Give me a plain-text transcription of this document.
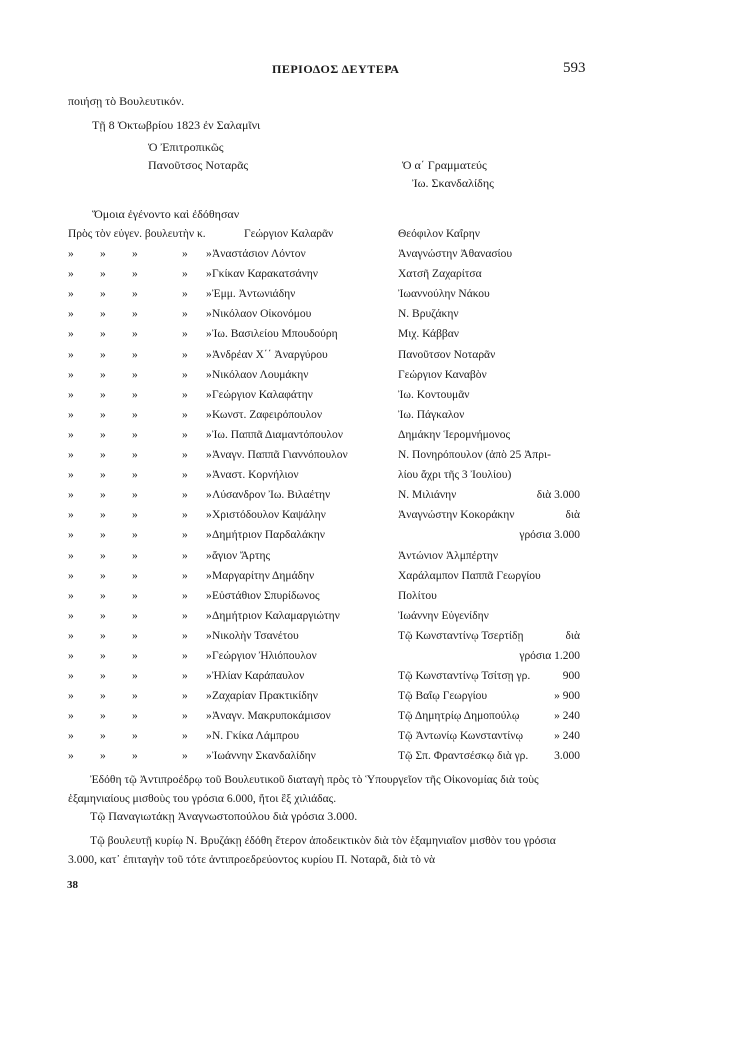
ΠΕΡΙΟΔΟΣ ΔΕΥΤΕΡΑ	593
ποιήσῃ τὸ Βουλευτικόν.
Τῇ 8 Ὀκτωβρίου 1823 ἐν Σαλαμῖνι
Ὁ Ἐπιτροπικῶς
Πανοῦτσος Νοταρᾶς	Ὁ α΄ Γραμματεύς
Ἰω. Σκανδαλίδης
Ὅμοια ἐγένοντο καὶ ἐδόθησαν
Πρὸς τὸν εὐγεν. βουλευτὴν κ.	Γεώργιον Καλαρᾶν	Θεόφιλον Καΐρην
» » »	» » Ἀναστάσιον Λόντον	Ἀναγνώστην Ἀθανασίου
» » »	» » Γκίκαν Καρακατσάνην	Χατσῆ Ζαχαρίτσα
» » »	» » Ἐμμ. Ἀντωνιάδην	Ἰωαννούλην Νάκου
» » »	» » Νικόλαον Οἰκονόμου	Ν. Βρυζάκην
» » »	» » Ἰω. Βασιλείου Μπουδούρη	Μιχ. Κάββαν
» » »	» » Ἀνδρέαν Χ΄΄ Ἀναργύρου	Πανοῦτσον Νοταρᾶν
» » »	» » Νικόλαον Λουμάκην	Γεώργιον Καναβὸν
» » »	» » Γεώργιον Καλαφάτην	Ἰω. Κοντουμᾶν
» » »	» » Κωνστ. Ζαφειρόπουλον	Ἰω. Πάγκαλον
» » »	» » Ἰω. Παππᾶ Διαμαντόπουλον	Δημάκην Ἱερομνήμονος
» » »	» » Ἀναγν. Παππᾶ Γιαννόπουλον	Ν. Πονηρόπουλον (ἀπὸ 25 Ἀπρι-
» » »	» » Ἀναστ. Κορνήλιον	λίου ἄχρι τῆς 3 Ἰουλίου)
» » »	» » Λύσανδρον Ἰω. Βιλαέτην	Ν. Μιλιάνην	διὰ 3.000
» » »	» » Χριστόδουλον Καψάλην	Ἀναγνώστην Κοκοράκην	διὰ
» » »	» » Δημήτριον Παρδαλάκην	γρόσια 3.000
» » »	» » ἅγιον Ἄρτης	Ἀντώνιον Ἀλμπέρτην
» » »	» » Μαργαρίτην Δημάδην	Χαράλαμπον Παππᾶ Γεωργίου
» » »	» » Εὐστάθιον Σπυρίδωνος	Πολίτου
» » »	» » Δημήτριον Καλαμαργιώτην	Ἰωάννην Εὐγενίδην
» » »	» » Νικολὴν Τσανέτου	Τῷ Κωνσταντίνῳ Τσερτίδῃ	διὰ
» » »	» » Γεώργιον Ἠλιόπουλον	γρόσια 1.200
» » »	» » Ἠλίαν Καράπαυλον	Τῷ Κωνσταντίνῳ Τσίτσῃ γρ.	900
» » »	» » Ζαχαρίαν Πρακτικίδην	Τῷ Βαΐῳ Γεωργίου	» 900
» » »	» » Ἀναγν. Μακρυποκάμισον	Τῷ Δημητρίῳ Δημοπούλῳ	» 240
» » »	» » Ν. Γκίκα Λάμπρου	Τῷ Ἀντωνίῳ Κωνσταντίνῳ	» 240
» » »	» » Ἰωάννην Σκανδαλίδην	Τῷ Σπ. Φραντσέσκῳ διὰ γρ. 3.000
Ἐδόθη τῷ Ἀντιπροέδρῳ τοῦ Βουλευτικοῦ διαταγὴ πρὸς τὸ Ὑπουργεῖον τῆς Οἰκονομίας διὰ τοὺς ἑξαμηνιαίους μισθοὺς του γρόσια 6.000, ἤτοι ἓξ χιλιάδας.
Τῷ Παναγιωτάκῃ Ἀναγνωστοπούλου διὰ γρόσια 3.000.
Τῷ βουλευτῇ κυρίῳ Ν. Βρυζάκῃ ἐδόθη ἕτερον ἀποδεικτικὸν διὰ τὸν ἑξαμηνιαῖον μισθὸν του γρόσια 3.000, κατ᾿ ἐπιταγὴν τοῦ τότε ἀντιπροεδρεύοντος κυρίου Π. Νοταρᾶ, διὰ τὸ νὰ
38
